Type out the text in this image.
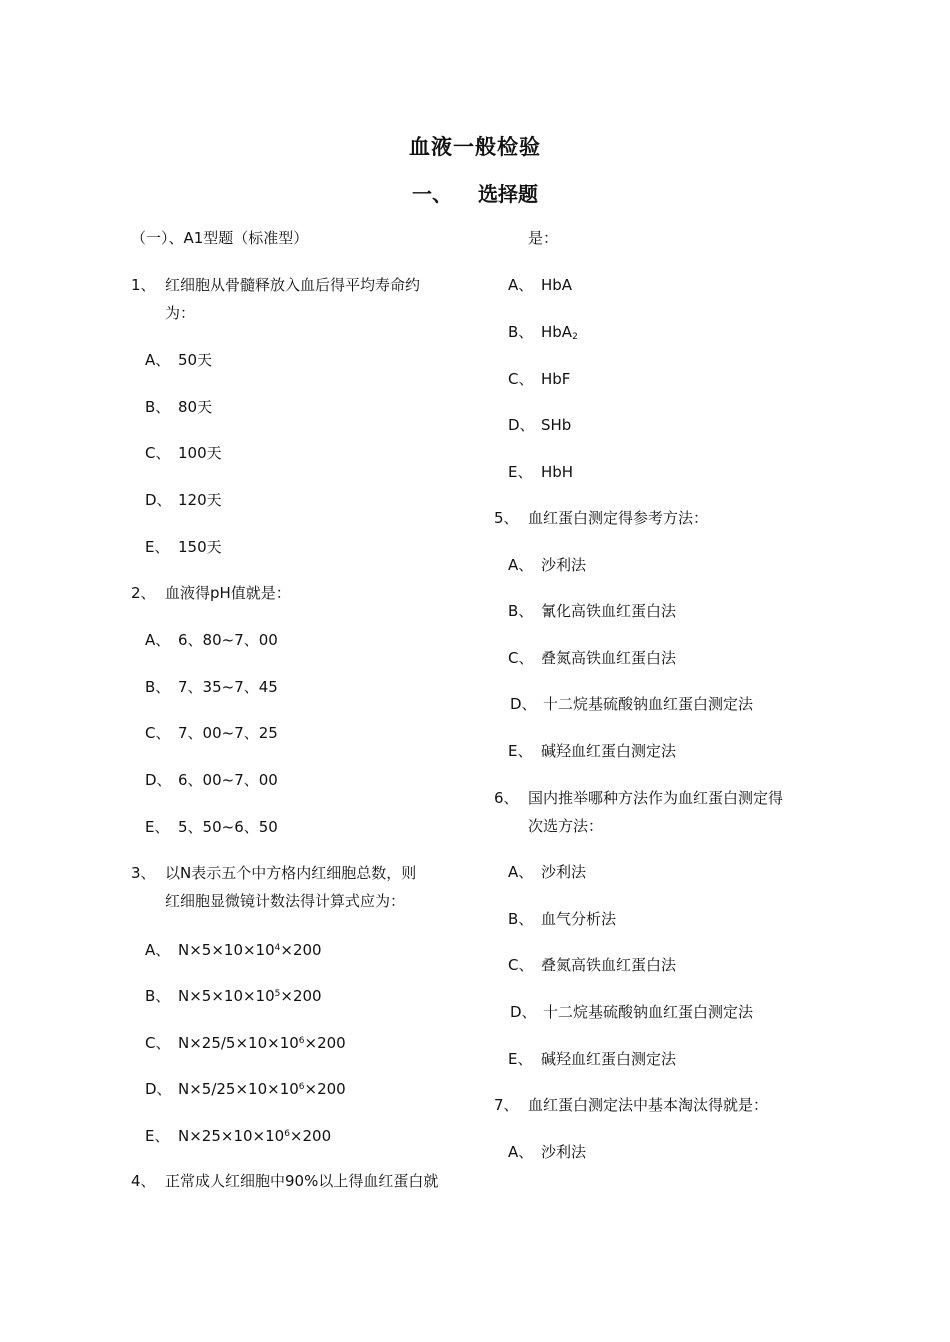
血液一般检验
一、 选择题
（一）、A1型题（标准型）
1、 红细胞从骨髓释放入血后得平均寿命约
为：
A、 50天
B、 80天
C、 100天
D、 120天
E、 150天
2、 血液得pH值就是：
A、 6、80~7、00
B、 7、35~7、45
C、 7、00~7、25
D、 6、00~7、00
E、 5、50~6、50
3、 以N表示五个中方格内红细胞总数，则
红细胞显微镜计数法得计算式应为：
A、 $N\times 5\times 10\times 10^4\times 200$
B、 $N\times 5\times 10\times 10^5\times 200$
C、 $N\times 25/5\times 10\times 10^6\times 200$
D、 $N\times 5/25\times 10\times 10^6\times 200$
E、 $N\times 25\times 10\times 10^6\times 200$
4、 正常成人红细胞中90%以上得血红蛋白就
是：
A、 HbA
B、 HbA$_2$
C、 HbF
D、 SHb
E、 HbH
5、 血红蛋白测定得参考方法：
A、 沙利法
B、 氰化高铁血红蛋白法
C、 叠氮高铁血红蛋白法
D、 十二烷基硫酸钠血红蛋白测定法
E、 碱羟血红蛋白测定法
6、 国内推举哪种方法作为血红蛋白测定得
次选方法：
A、 沙利法
B、 血气分析法
C、 叠氮高铁血红蛋白法
D、 十二烷基硫酸钠血红蛋白测定法
E、 碱羟血红蛋白测定法
7、 血红蛋白测定法中基本淘汰得就是：
A、 沙利法
